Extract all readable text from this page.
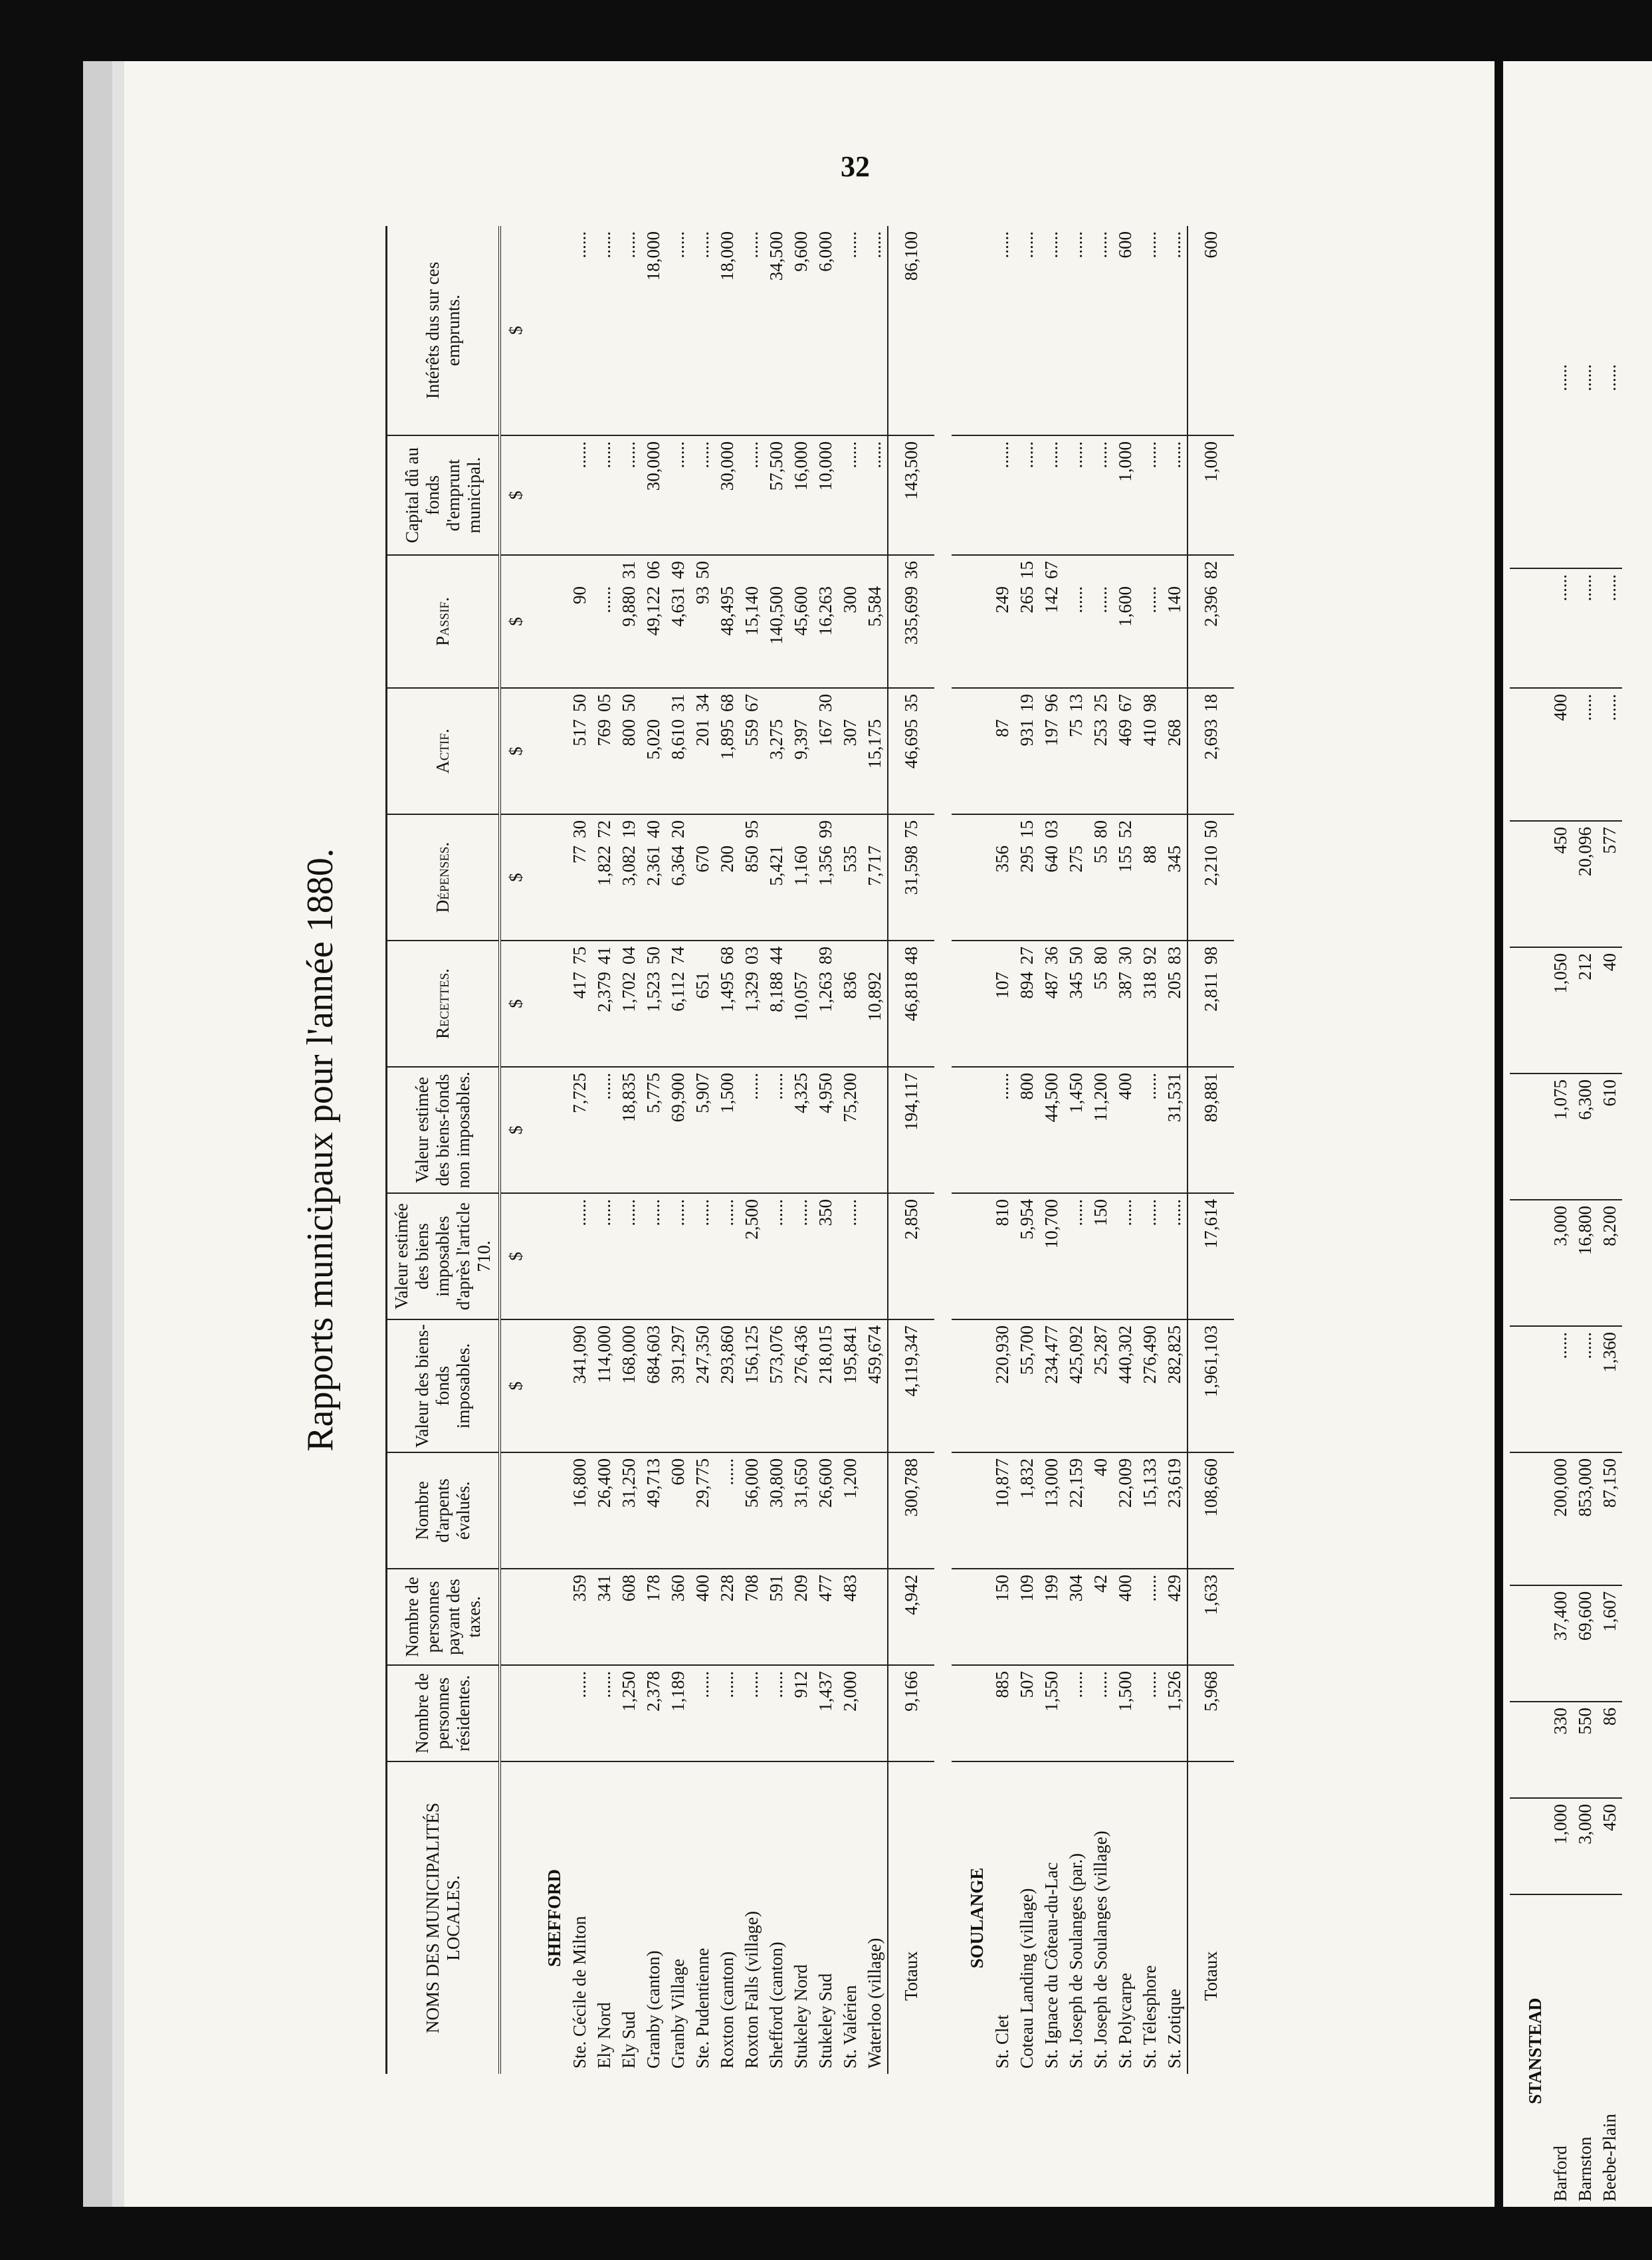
32
Rapports municipaux pour l'année 1880.
NOMS DES MUNICIPALITÉS LOCALES.	Nombre de personnes résidentes.	Nombre de personnes payant des taxes.	Nombre d'arpents évalués.	Valeur des biens-fonds imposables.	Valeur estimée des biens imposables d'après l'article 710.	Valeur estimée des biens-fonds non imposables.	Recettes.	Dépenses.	Actif.	Passif.	Capital dû au fonds d'emprunt municipal.	Intérêts dus sur ces emprunts.
				$	$	$	$	$	$	$	$	$
SHEFFORD												
Ste. Cécile de Milton	......	359	16,800	341,090	......	7,725	41775	7730	51750	90	......	......
Ely Nord	......	341	26,400	114,000	......	......	2,37941	1,82272	76905	......	......	......
Ely Sud	1,250	608	31,250	168,000	......	18,835	1,70204	3,08219	80050	9,88031	......	......
Granby (canton)	2,378	178	49,713	684,603	......	5,775	1,52350	2,36140	5,020	49,12206	30,000	18,000
Granby Village	1,189	360	600	391,297	......	69,900	6,11274	6,36420	8,61031	4,63149	......	......
Ste. Pudentienne	......	400	29,775	247,350	......	5,907	651	670	20134	9350	......	......
Roxton (canton)	......	228	......	293,860	......	1,500	1,49568	200	1,89568	48,495	30,000	18,000
Roxton Falls (village)	......	708	56,000	156,125	2,500	......	1,32903	85095	55967	15,140	......	......
Shefford (canton)	......	591	30,800	573,076	......	......	8,18844	5,421	3,275	140,500	57,500	34,500
Stukeley Nord	912	209	31,650	276,436	......	4,325	10,057	1,160	9,397	45,600	16,000	9,600
Stukeley Sud	1,437	477	26,600	218,015	350	4,950	1,26389	1,35699	16730	16,263	10,000	6,000
St. Valérien	2,000	483	1,200	195,841	......	75,200	836	535	307	300	......	......
Waterloo (village)				459,674			10,892	7,717	15,175	5,584	......	......
Totaux	9,166	4,942	300,788	4,119,347	2,850	194,117	46,81848	31,59875	46,69535	335,69936	143,500	86,100

SOULANGE												
St. Clet	885	150	10,877	220,930	810	......	107	356	87	249	......	......
Coteau Landing (village)	507	109	1,832	55,700	5,954	800	89427	29515	93119	26515	......	......
St. Ignace du Côteau-du-Lac	1,550	199	13,000	234,477	10,700	44,500	48736	64003	19796	14267	......	......
St. Joseph de Soulanges (par.)	......	304	22,159	425,092	......	1,450	34550	275	7513	......	......	......
St. Joseph de Soulanges (village)	......	42	40	25,287	150	11,200	5580	5580	25325	......	......	......
St. Polycarpe	1,500	400	22,009	440,302	......	400	38730	15552	46967	1,600	1,000	600
St. Télesphore	......	......	15,133	276,490	......	......	31892	88	41098	......	......	......
St. Zotique	1,526	429	23,619	282,825	......	31,531	20583	345	268	140	......	......
Totaux	5,968	1,633	108,660	1,961,103	17,614	89,881	2,81198	2,21050	2,69318	2,39682	1,000	600

STANSTEAD												
Barford	1,000	330	37,400	200,000	......	3,000	1,075	1,050	450	400	......	......
Barnston	3,000	550	69,600	853,000	......	16,800	6,300	212	20,096	......	......	......
Beebe-Plain	450	86	1,607	87,150	1,360	8,200	610	40	577	......	......	......
